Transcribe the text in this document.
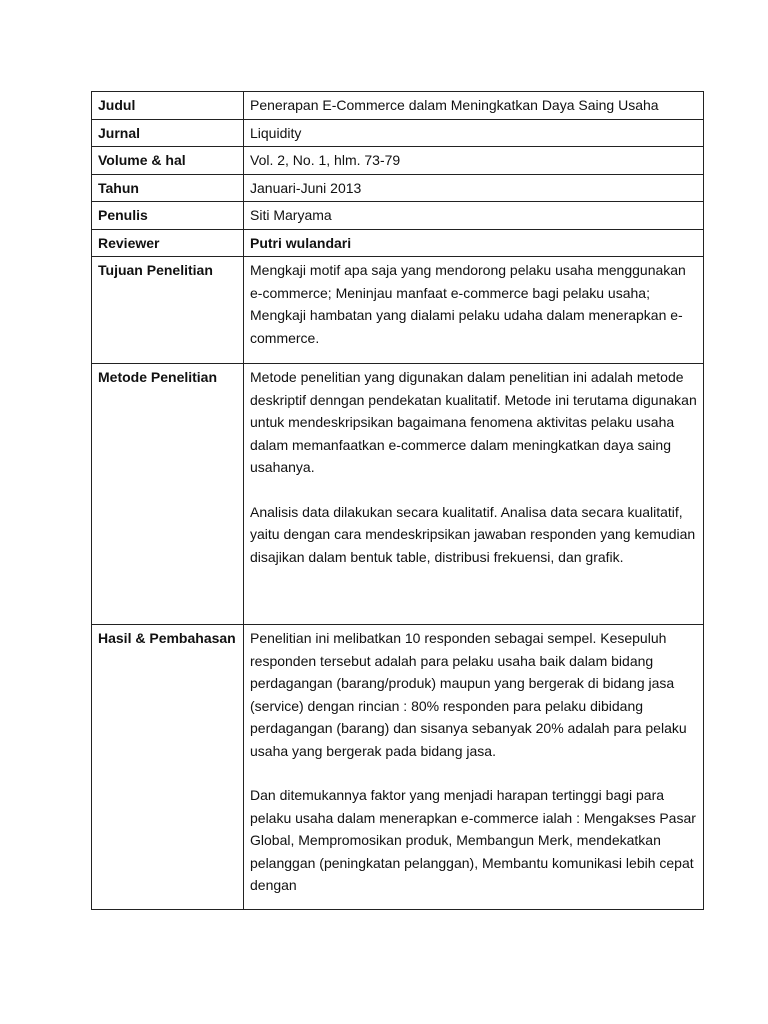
Judul	Penerapan E-Commerce dalam Meningkatkan Daya Saing Usaha
Jurnal	Liquidity
Volume & hal	Vol. 2, No. 1, hlm. 73-79
Tahun	Januari-Juni 2013
Penulis	Siti Maryama
Reviewer	Putri wulandari
Tujuan Penelitian	Mengkaji motif apa saja yang mendorong pelaku usaha menggunakan e-commerce; Meninjau manfaat e-commerce bagi pelaku usaha; Mengkaji hambatan yang dialami pelaku udaha dalam menerapkan e-commerce.
Metode Penelitian	Metode penelitian yang digunakan dalam penelitian ini adalah metode deskriptif denngan pendekatan kualitatif. Metode ini terutama digunakan untuk mendeskripsikan bagaimana fenomena aktivitas pelaku usaha dalam memanfaatkan e-commerce dalam meningkatkan daya saing usahanya.

Analisis data dilakukan secara kualitatif. Analisa data secara kualitatif, yaitu dengan cara mendeskripsikan jawaban responden yang kemudian disajikan dalam bentuk table, distribusi frekuensi, dan grafik.

Hasil & Pembahasan	Penelitian ini melibatkan 10 responden sebagai sempel. Kesepuluh responden tersebut adalah para pelaku usaha baik dalam bidang perdagangan (barang/produk) maupun yang bergerak di bidang jasa (service) dengan rincian : 80% responden para pelaku dibidang perdagangan (barang) dan sisanya sebanyak 20% adalah para pelaku usaha yang bergerak pada bidang jasa.

Dan ditemukannya faktor yang menjadi harapan tertinggi bagi para pelaku usaha dalam menerapkan e-commerce ialah : Mengakses Pasar Global, Mempromosikan produk, Membangun Merk, mendekatkan pelanggan (peningkatan pelanggan), Membantu komunikasi lebih cepat dengan
